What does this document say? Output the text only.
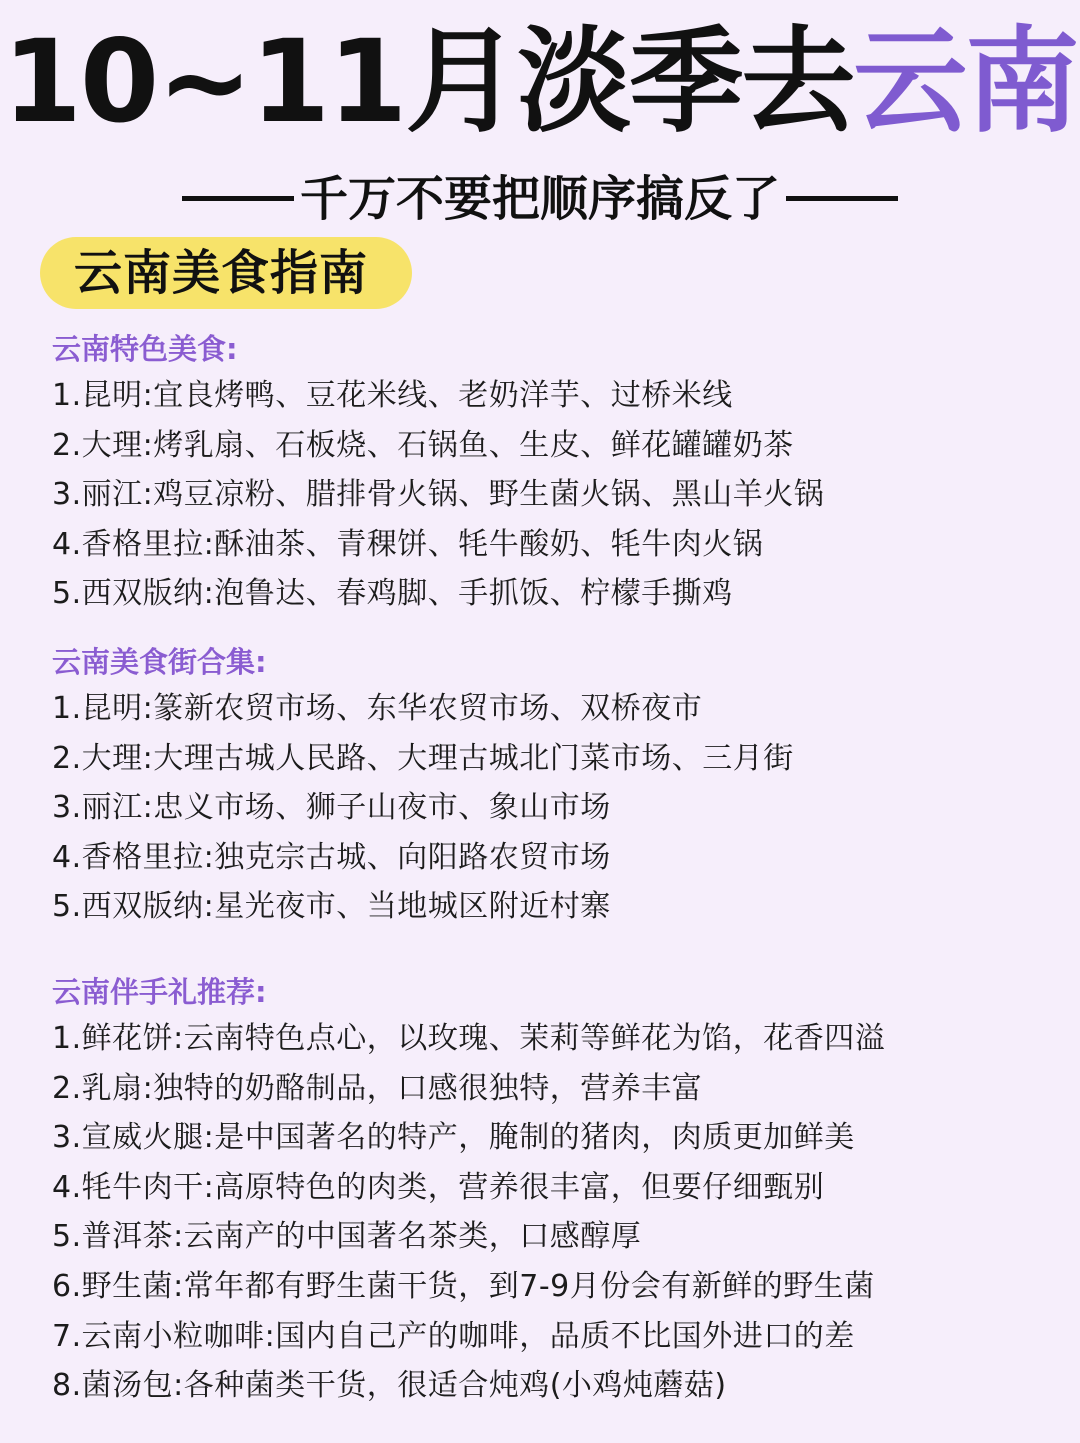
10~11月淡季去云南
千万不要把顺序搞反了
云南美食指南
云南特色美食:
1.昆明:宜良烤鸭、豆花米线、老奶洋芋、过桥米线
2.大理:烤乳扇、石板烧、石锅鱼、生皮、鲜花罐罐奶茶
3.丽江:鸡豆凉粉、腊排骨火锅、野生菌火锅、黑山羊火锅
4.香格里拉:酥油茶、青稞饼、牦牛酸奶、牦牛肉火锅
5.西双版纳:泡鲁达、春鸡脚、手抓饭、柠檬手撕鸡
云南美食街合集:
1.昆明:篆新农贸市场、东华农贸市场、双桥夜市
2.大理:大理古城人民路、大理古城北门菜市场、三月街
3.丽江:忠义市场、狮子山夜市、象山市场
4.香格里拉:独克宗古城、向阳路农贸市场
5.西双版纳:星光夜市、当地城区附近村寨
云南伴手礼推荐:
1.鲜花饼:云南特色点心，以玫瑰、茉莉等鲜花为馅，花香四溢
2.乳扇:独特的奶酪制品，口感很独特，营养丰富
3.宣威火腿:是中国著名的特产，腌制的猪肉，肉质更加鲜美
4.牦牛肉干:高原特色的肉类，营养很丰富，但要仔细甄别
5.普洱茶:云南产的中国著名茶类，口感醇厚
6.野生菌:常年都有野生菌干货，到7-9月份会有新鲜的野生菌
7.云南小粒咖啡:国内自己产的咖啡，品质不比国外进口的差
8.菌汤包:各种菌类干货，很适合炖鸡(小鸡炖蘑菇)
